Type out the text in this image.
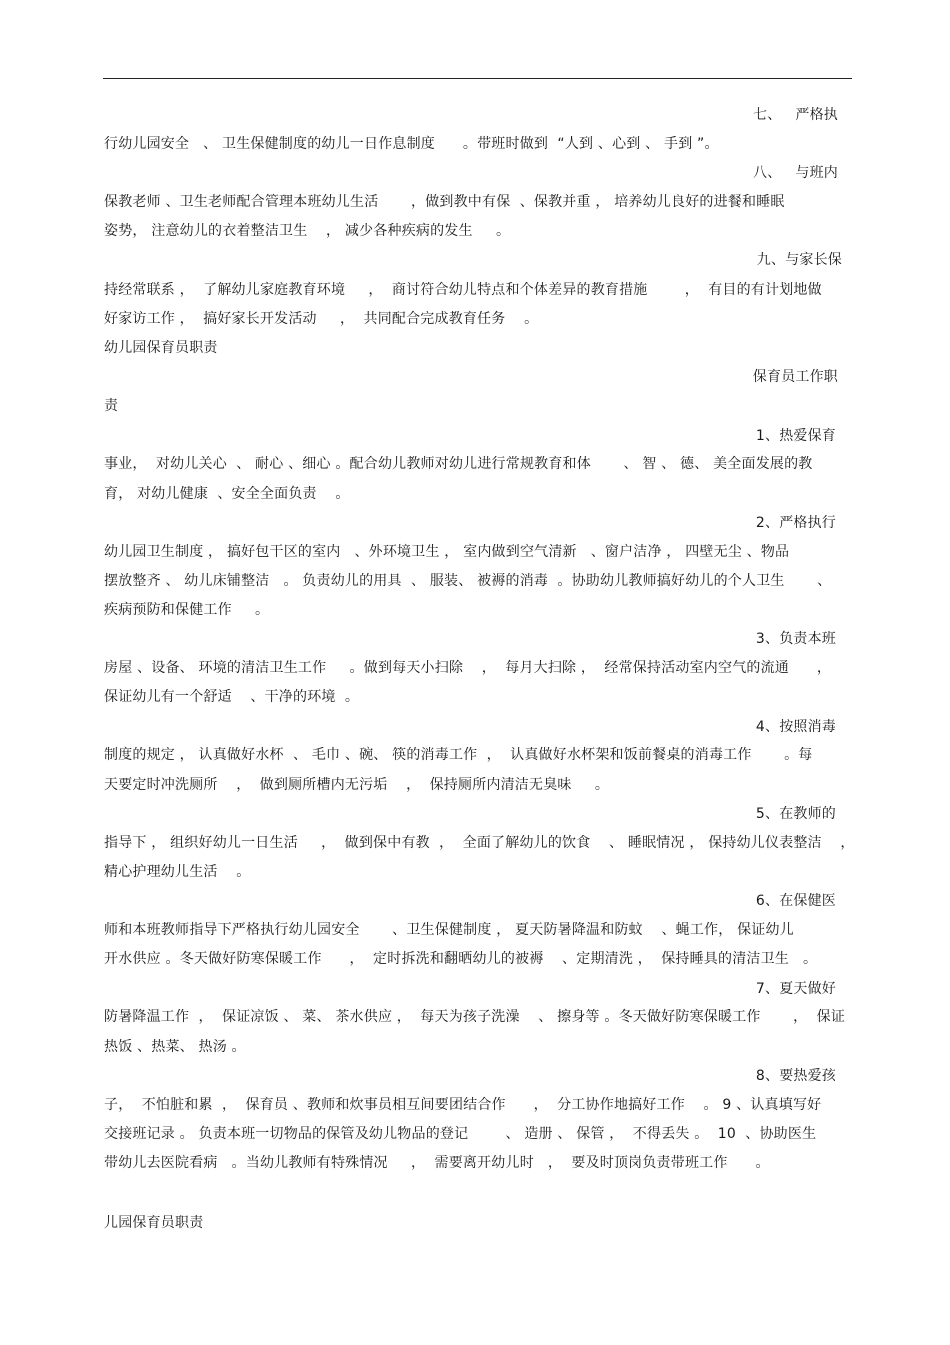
七、   严格执
行幼儿园安全   、 卫生保健制度的幼儿一日作息制度      。带班时做到  “人到 、心到 、 手到 ”。
八、   与班内
保教老师 、卫生老师配合管理本班幼儿生活       ，做到教中有保  、保教并重 ， 培养幼儿良好的进餐和睡眠
姿势， 注意幼儿的衣着整洁卫生    ， 减少各种疾病的发生     。
九、与家长保
持经常联系 ，  了解幼儿家庭教育环境     ，  商讨符合幼儿特点和个体差异的教育措施        ，  有目的有计划地做
好家访工作 ，  搞好家长开发活动     ，  共同配合完成教育任务    。
幼儿园保育员职责
保育员工作职
责
1、热爱保育
事业，  对幼儿关心  、 耐心 、细心 。配合幼儿教师对幼儿进行常规教育和体       、 智 、 德、 美全面发展的教
育， 对幼儿健康  、安全全面负责    。
2、严格执行
幼儿园卫生制度 ， 搞好包干区的室内   、外环境卫生 ， 室内做到空气清新   、窗户洁净 ， 四壁无尘 、物品
摆放整齐 、 幼儿床铺整洁   。 负责幼儿的用具  、 服装、 被褥的消毒  。协助幼儿教师搞好幼儿的个人卫生       、
疾病预防和保健工作     。
3、负责本班
房屋 、设备、 环境的清洁卫生工作     。做到每天小扫除    ，  每月大扫除 ，  经常保持活动室内空气的流通      ，
保证幼儿有一个舒适    、干净的环境  。
4、按照消毒
制度的规定 ， 认真做好水杯  、 毛巾 、碗、 筷的消毒工作  ，  认真做好水杯架和饭前餐桌的消毒工作       。每
天要定时冲洗厕所    ，  做到厕所槽内无污垢    ，  保持厕所内清洁无臭味     。
5、在教师的
指导下 ， 组织好幼儿一日生活     ，  做到保中有教  ，  全面了解幼儿的饮食    、 睡眠情况 ， 保持幼儿仪表整洁    ，
精心护理幼儿生活    。
6、在保健医
师和本班教师指导下严格执行幼儿园安全       、卫生保健制度 ， 夏天防暑降温和防蚊    、蝇工作， 保证幼儿
开水供应 。冬天做好防寒保暖工作      ，  定时拆洗和翻晒幼儿的被褥    、定期清洗 ，  保持睡具的清洁卫生   。
7、夏天做好
防暑降温工作  ，  保证凉饭 、 菜、 茶水供应 ，  每天为孩子洗澡    、 擦身等 。冬天做好防寒保暖工作       ，  保证
热饭 、热菜、 热汤 。
8、要热爱孩
子，  不怕脏和累  ，  保育员 、教师和炊事员相互间要团结合作      ，  分工协作地搞好工作    。 9 、认真填写好
交接班记录 。 负责本班一切物品的保管及幼儿物品的登记        、 造册 、 保管 ，  不得丢失 。  10  、协助医生
带幼儿去医院看病   。当幼儿教师有特殊情况     ，  需要离开幼儿时   ，  要及时顶岗负责带班工作      。
儿园保育员职责
